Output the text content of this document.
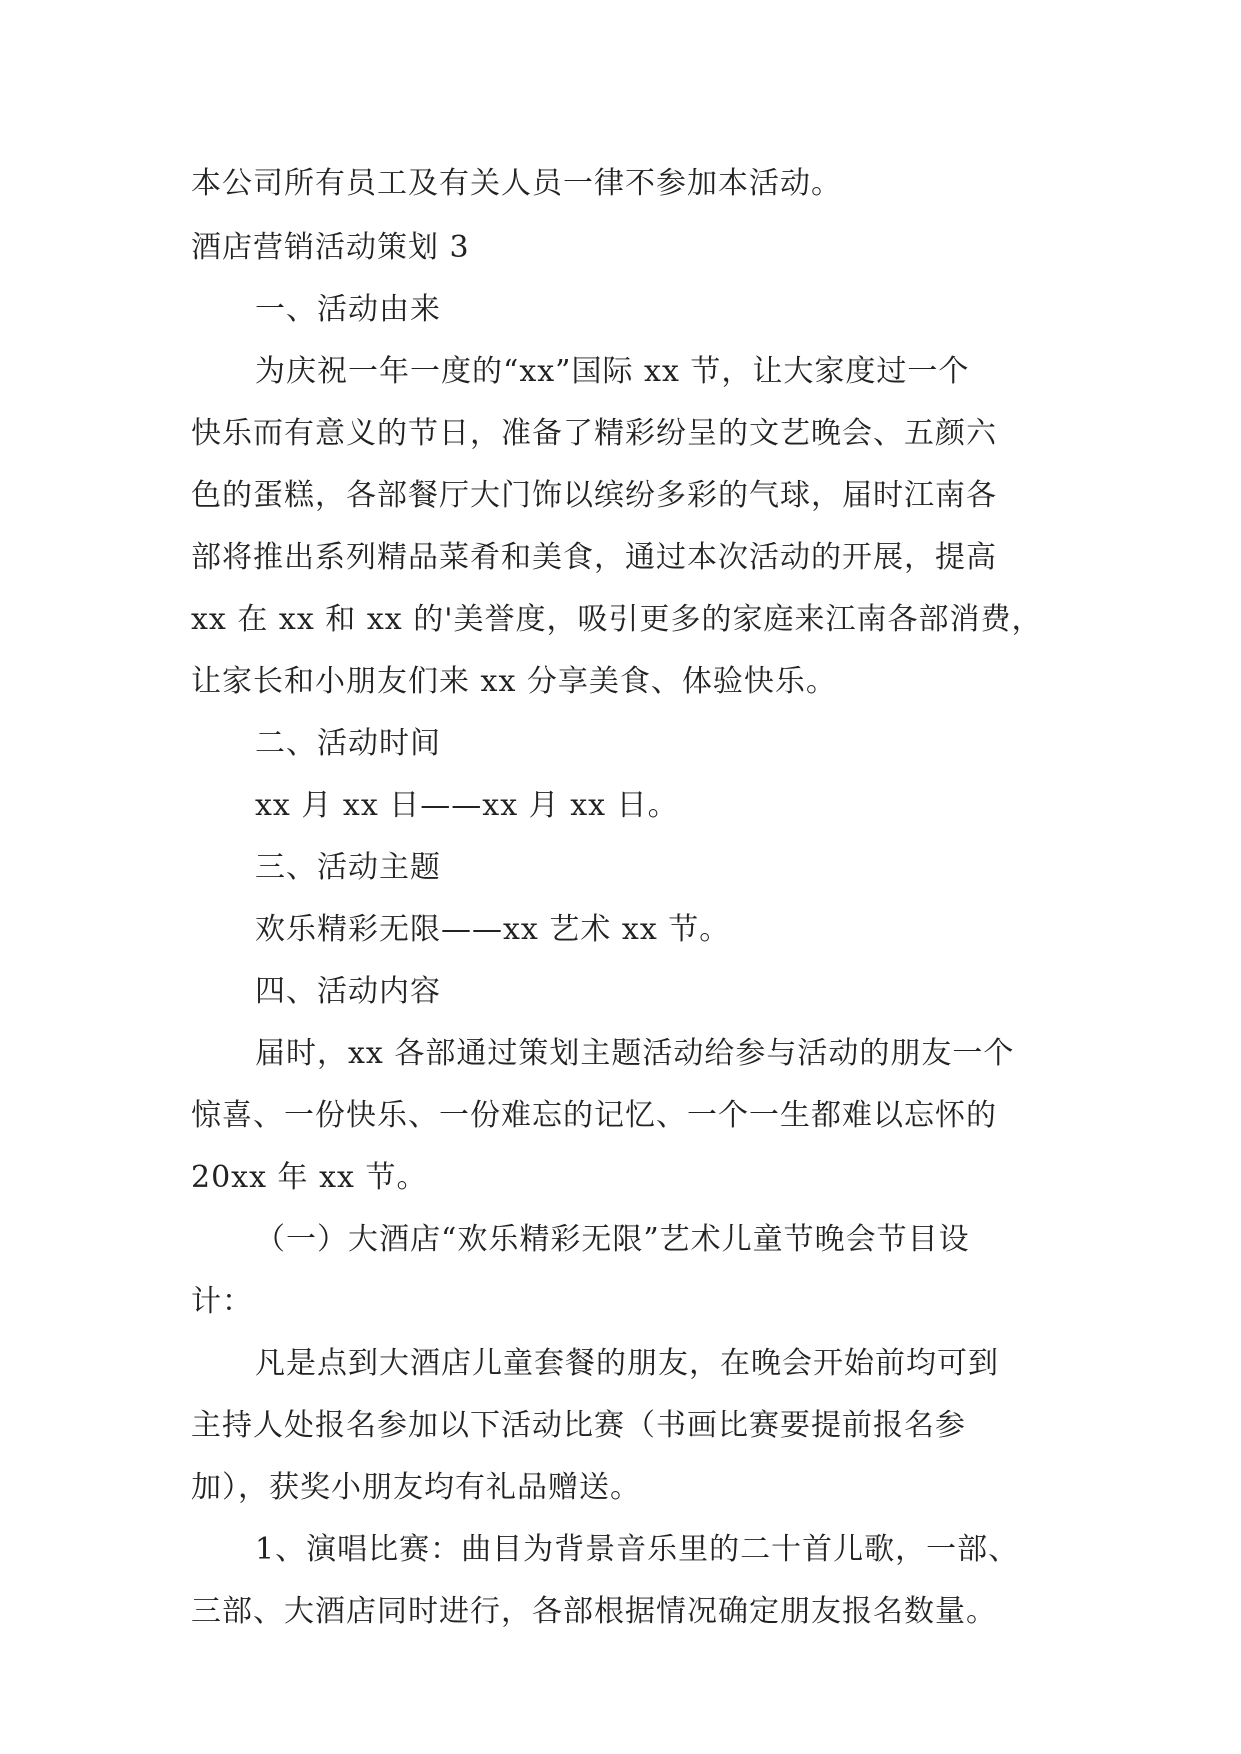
本公司所有员工及有关人员一律不参加本活动。
酒店营销活动策划 3
一、活动由来
为庆祝一年一度的“xx”国际 xx 节，让大家度过一个
快乐而有意义的节日，准备了精彩纷呈的文艺晚会、五颜六
色的蛋糕，各部餐厅大门饰以缤纷多彩的气球，届时江南各
部将推出系列精品菜肴和美食，通过本次活动的开展，提高
xx 在 xx 和 xx 的'美誉度，吸引更多的家庭来江南各部消费，
让家长和小朋友们来 xx 分享美食、体验快乐。
二、活动时间
xx 月 xx 日——xx 月 xx 日。
三、活动主题
欢乐精彩无限——xx 艺术 xx 节。
四、活动内容
届时，xx 各部通过策划主题活动给参与活动的朋友一个
惊喜、一份快乐、一份难忘的记忆、一个一生都难以忘怀的
20xx 年 xx 节。
（一）大酒店“欢乐精彩无限”艺术儿童节晚会节目设
计：
凡是点到大酒店儿童套餐的朋友，在晚会开始前均可到
主持人处报名参加以下活动比赛（书画比赛要提前报名参
加），获奖小朋友均有礼品赠送。
1、演唱比赛：曲目为背景音乐里的二十首儿歌，一部、
三部、大酒店同时进行，各部根据情况确定朋友报名数量。
